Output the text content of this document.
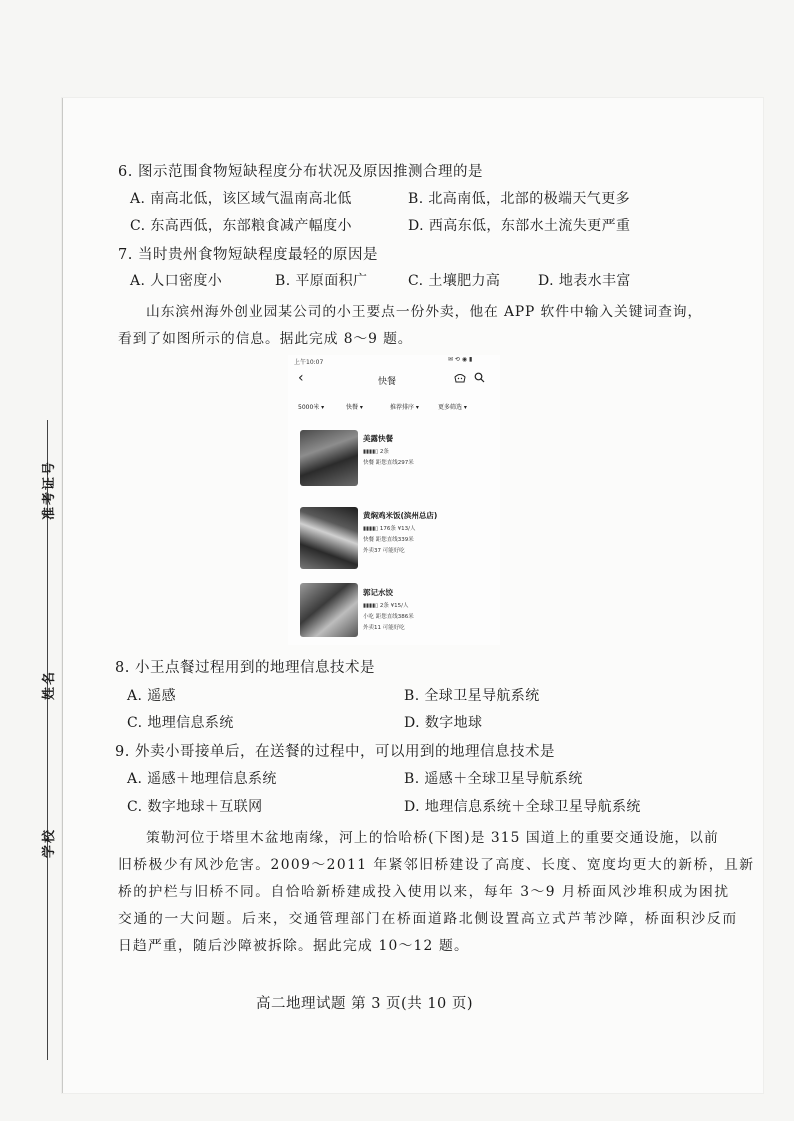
准考证号
姓名
学校
6. 图示范围食物短缺程度分布状况及原因推测合理的是
A. 南高北低，该区域气温南高北低	B. 北高南低，北部的极端天气更多
C. 东高西低，东部粮食减产幅度小	D. 西高东低，东部水土流失更严重
7. 当时贵州食物短缺程度最轻的原因是
A. 人口密度小	B. 平原面积广	C. 土壤肥力高	D. 地表水丰富
山东滨州海外创业园某公司的小王要点一份外卖，他在 APP 软件中输入关键词查询，
看到了如图所示的信息。据此完成 8～9 题。
上午10:07	✉ ⟲ ◉ ▮
‹	快餐
5000米 ▾	快餐 ▾	推荐排序 ▾	更多筛选 ▾
美露快餐
▮▮▮▮▯ 2条
快餐 距您直线297米
黄焖鸡米饭(滨州总店)
▮▮▮▮▯ 176条 ¥13/人
快餐 距您直线339米
外卖37 可能好吃
郭记水饺
▮▮▮▮▯ 2条 ¥15/人
小吃 距您直线386米
外卖11 可能好吃
8. 小王点餐过程用到的地理信息技术是
A. 遥感	B. 全球卫星导航系统
C. 地理信息系统	D. 数字地球
9. 外卖小哥接单后，在送餐的过程中，可以用到的地理信息技术是
A. 遥感＋地理信息系统	B. 遥感＋全球卫星导航系统
C. 数字地球＋互联网	D. 地理信息系统＋全球卫星导航系统
策勒河位于塔里木盆地南缘，河上的恰哈桥(下图)是 315 国道上的重要交通设施，以前
旧桥极少有风沙危害。2009～2011 年紧邻旧桥建设了高度、长度、宽度均更大的新桥，且新
桥的护栏与旧桥不同。自恰哈新桥建成投入使用以来，每年 3～9 月桥面风沙堆积成为困扰
交通的一大问题。后来，交通管理部门在桥面道路北侧设置高立式芦苇沙障，桥面积沙反而
日趋严重，随后沙障被拆除。据此完成 10～12 题。
高二地理试题 第 3 页(共 10 页)
